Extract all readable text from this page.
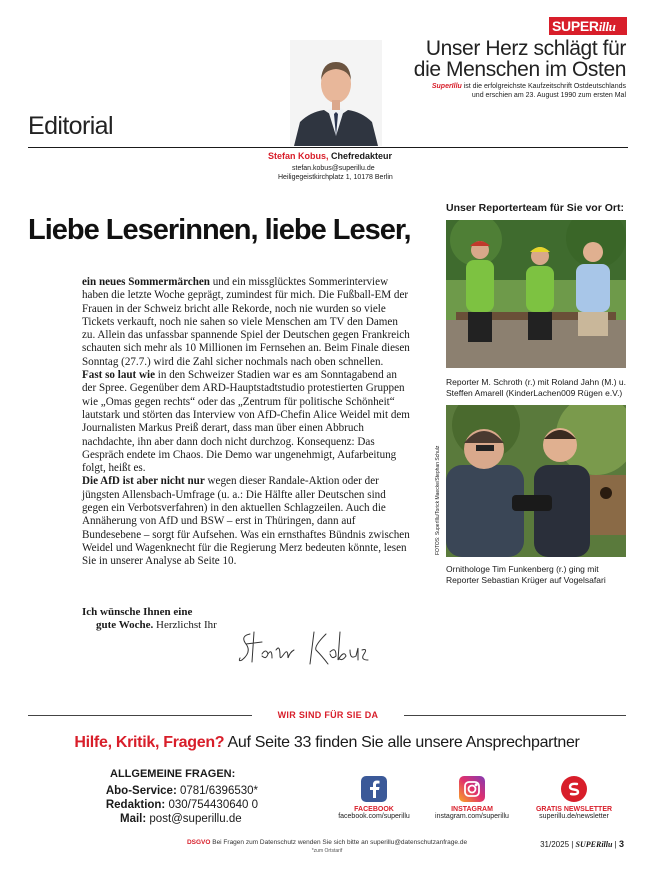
SUPERillu
Unser Herz schlägt für
die Menschen im Osten
SuperIllu ist die erfolgreichste Kaufzeitschrift Ostdeutschlands
und erschien am 23. August 1990 zum ersten Mal
Editorial
Stefan Kobus, Chefredakteur
stefan.kobus@superillu.de
Heiligegeistkirchplatz 1, 10178 Berlin
Liebe Leserinnen, liebe Leser,

ein neues Sommermärchen und ein missglücktes Sommerinterview haben die letzte Woche geprägt, zumindest für mich. Die Fußball-EM der Frauen in der Schweiz bricht alle Rekorde, noch nie wurden so viele Tickets verkauft, noch nie sahen so viele Menschen am TV den Damen zu. Allein das unfassbar spannende Spiel der Deutschen gegen Frankreich schauten sich mehr als 10 Millionen im Fernsehen an. Beim Finale diesen Sonntag (27.7.) wird die Zahl sicher nochmals nach oben schnellen.

Fast so laut wie in den Schweizer Stadien war es am Sonntagabend an der Spree. Gegenüber dem ARD-Hauptstadtstudio protestierten Gruppen wie „Omas gegen rechts“ oder das „Zentrum für politische Schönheit“ lautstark und störten das Interview von AfD-Chefin Alice Weidel mit dem Journalisten Markus Preiß derart, dass man über einen Abbruch nachdachte, ihn aber dann doch nicht durchzog. Konsequenz: Das Gespräch endete im Chaos. Die Demo war ungenehmigt, Aufarbeitung folgt, heißt es.

Die AfD ist aber nicht nur wegen dieser Randale-Aktion oder der jüngsten Allensbach-Umfrage (u. a.: Die Hälfte aller Deutschen sind gegen ein Verbotsverfahren) in den aktuellen Schlagzeilen. Auch die Annäherung von AfD und BSW – erst in Thüringen, dann auf Bundesebene – sorgt für Aufsehen. Was ein ernsthaftes Bündnis zwischen Weidel und Wagenknecht für die Regierung Merz bedeuten könnte, lesen Sie in unserer Analyse ab Seite 10.

Ich wünsche Ihnen eine
gute Woche. Herzlichst Ihr
Unser Reporterteam für Sie vor Ort:
Reporter M. Schroth (r.) mit Roland Jahn (M.) u. Steffen Amarell (KinderLachen009 Rügen e.V.)
FOTOS: SuperIllu/Torick Maecke/Stephan Schulz
Ornithologe Tim Funkenberg (r.) ging mit Reporter Sebastian Krüger auf Vogelsafari
WIR SIND FÜR SIE DA
Hilfe, Kritik, Fragen? Auf Seite 33 finden Sie alle unsere Ansprechpartner
ALLGEMEINE FRAGEN:
Abo-Service: 0781/6396530*
Redaktion: 030/754430640 0
Mail: post@superillu.de
FACEBOOK
facebook.com/superillu
INSTAGRAM
instagram.com/superillu
GRATIS NEWSLETTER
superillu.de/newsletter
DSGVO Bei Fragen zum Datenschutz wenden Sie sich bitte an superillu@datenschutzanfrage.de
*zum Ortstarif
31/2025 | SUPERillu | 3
